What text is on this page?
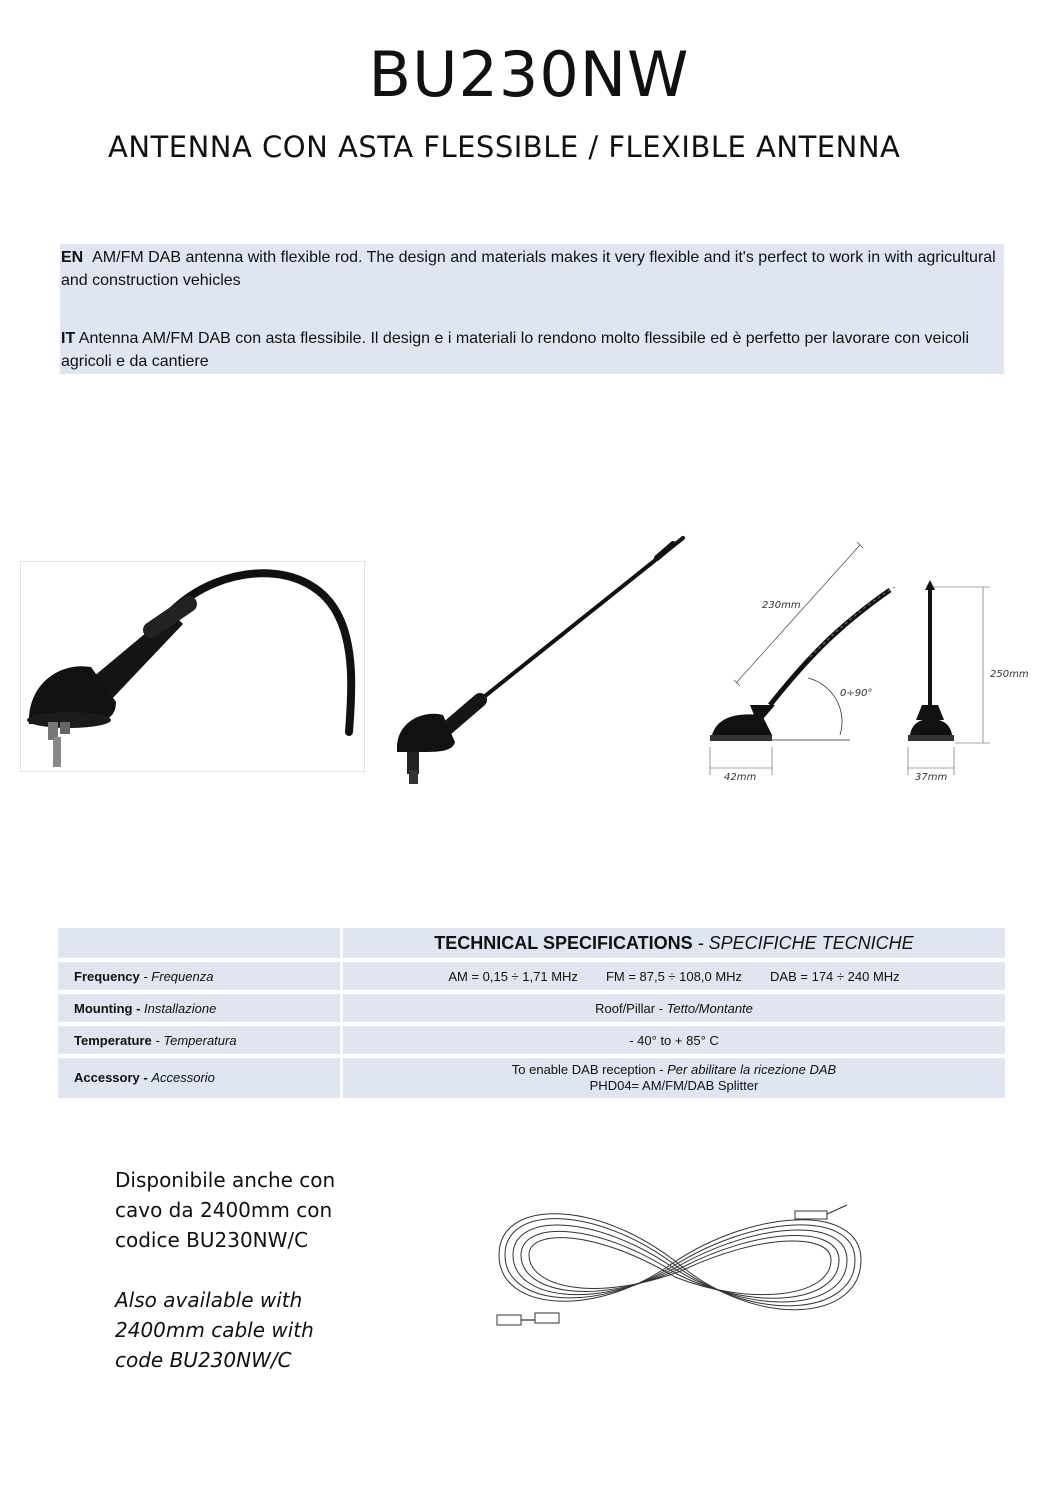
BU230NW
ANTENNA CON ASTA FLESSIBLE / FLEXIBLE ANTENNA

EN AM/FM DAB antenna with flexible rod. The design and materials makes it very flexible and it's perfect to work in with agricultural and construction vehicles

IT Antenna AM/FM DAB con asta flessibile. Il design e i materiali lo rendono molto flessibile ed è perfetto per lavorare con veicoli agricoli e da cantiere

230mm
0÷90°
42mm
250mm
37mm
	TECHNICAL SPECIFICATIONS - SPECIFICHE TECNICHE
Frequency - Frequenza	AM = 0,15 ÷ 1,71 MHz FM = 87,5 ÷ 108,0 MHz DAB = 174 ÷ 240 MHz
Mounting - Installazione	Roof/Pillar - Tetto/Montante
Temperature - Temperatura	- 40° to + 85° C
Accessory - Accessorio	To enable DAB reception - Per abilitare la ricezione DAB
PHD04= AM/FM/DAB Splitter

Disponibile anche con

cavo da 2400mm con

codice BU230NW/C

Also available with

2400mm cable with

code BU230NW/C
